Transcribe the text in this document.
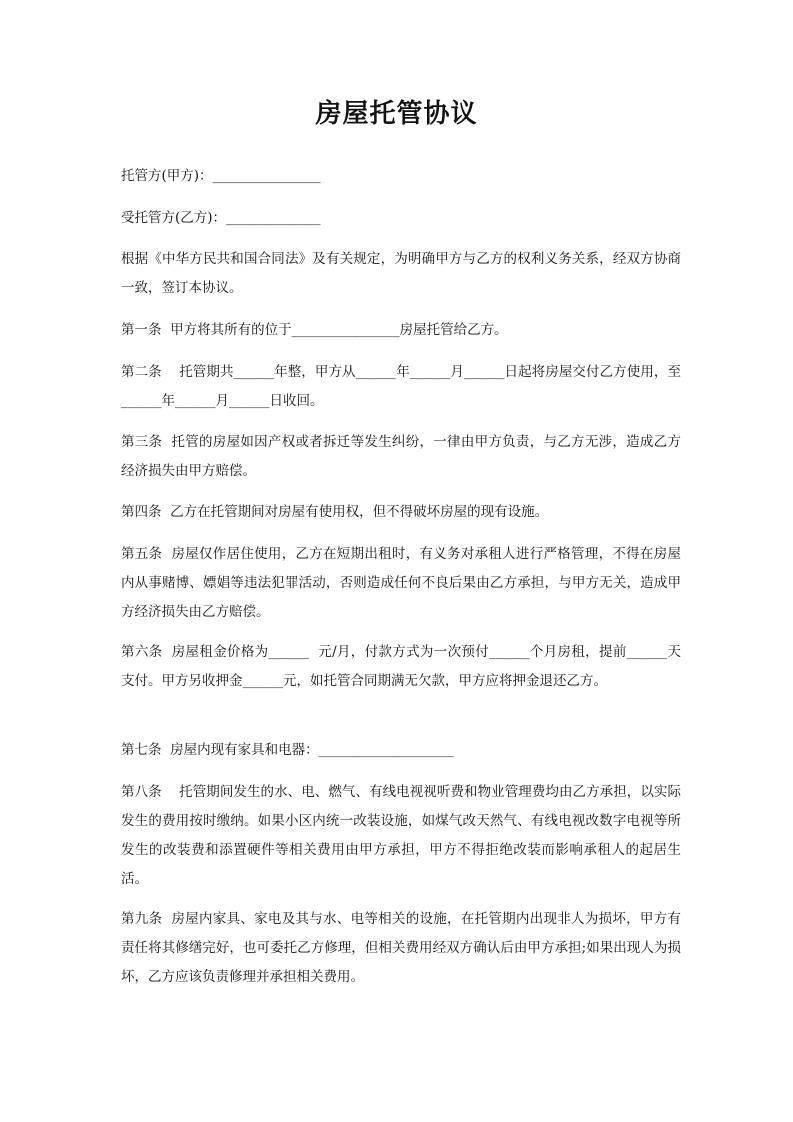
房屋托管协议
托管方(甲方)：________________
受托管方(乙方)：______________
根据《中华方民共和国合同法》及有关规定，为明确甲方与乙方的权利义务关系，经双方协商一致，签订本协议。
第一条  甲方将其所有的位于________________房屋托管给乙方。
第二条    托管期共______年整，甲方从______年______月______日起将房屋交付乙方使用，至______年______月______日收回。
第三条  托管的房屋如因产权或者拆迁等发生纠纷，一律由甲方负责，与乙方无涉，造成乙方经济损失由甲方赔偿。
第四条  乙方在托管期间对房屋有使用权，但不得破坏房屋的现有设施。
第五条  房屋仅作居住使用，乙方在短期出租时，有义务对承租人进行严格管理，不得在房屋内从事赌博、嫖娼等违法犯罪活动，否则造成任何不良后果由乙方承担，与甲方无关，造成甲方经济损失由乙方赔偿。
第六条  房屋租金价格为______  元/月，付款方式为一次预付______个月房租，提前______天支付。甲方另收押金______元，如托管合同期满无欠款，甲方应将押金退还乙方。
第七条  房屋内现有家具和电器：____________________
第八条    托管期间发生的水、电、燃气、有线电视视听费和物业管理费均由乙方承担，以实际发生的费用按时缴纳。如果小区内统一改装设施，如煤气改天然气、有线电视改数字电视等所发生的改装费和添置硬件等相关费用由甲方承担，甲方不得拒绝改装而影响承租人的起居生活。
第九条  房屋内家具、家电及其与水、电等相关的设施，在托管期内出现非人为损坏，甲方有责任将其修缮完好，也可委托乙方修理，但相关费用经双方确认后由甲方承担;如果出现人为损坏，乙方应该负责修理并承担相关费用。
